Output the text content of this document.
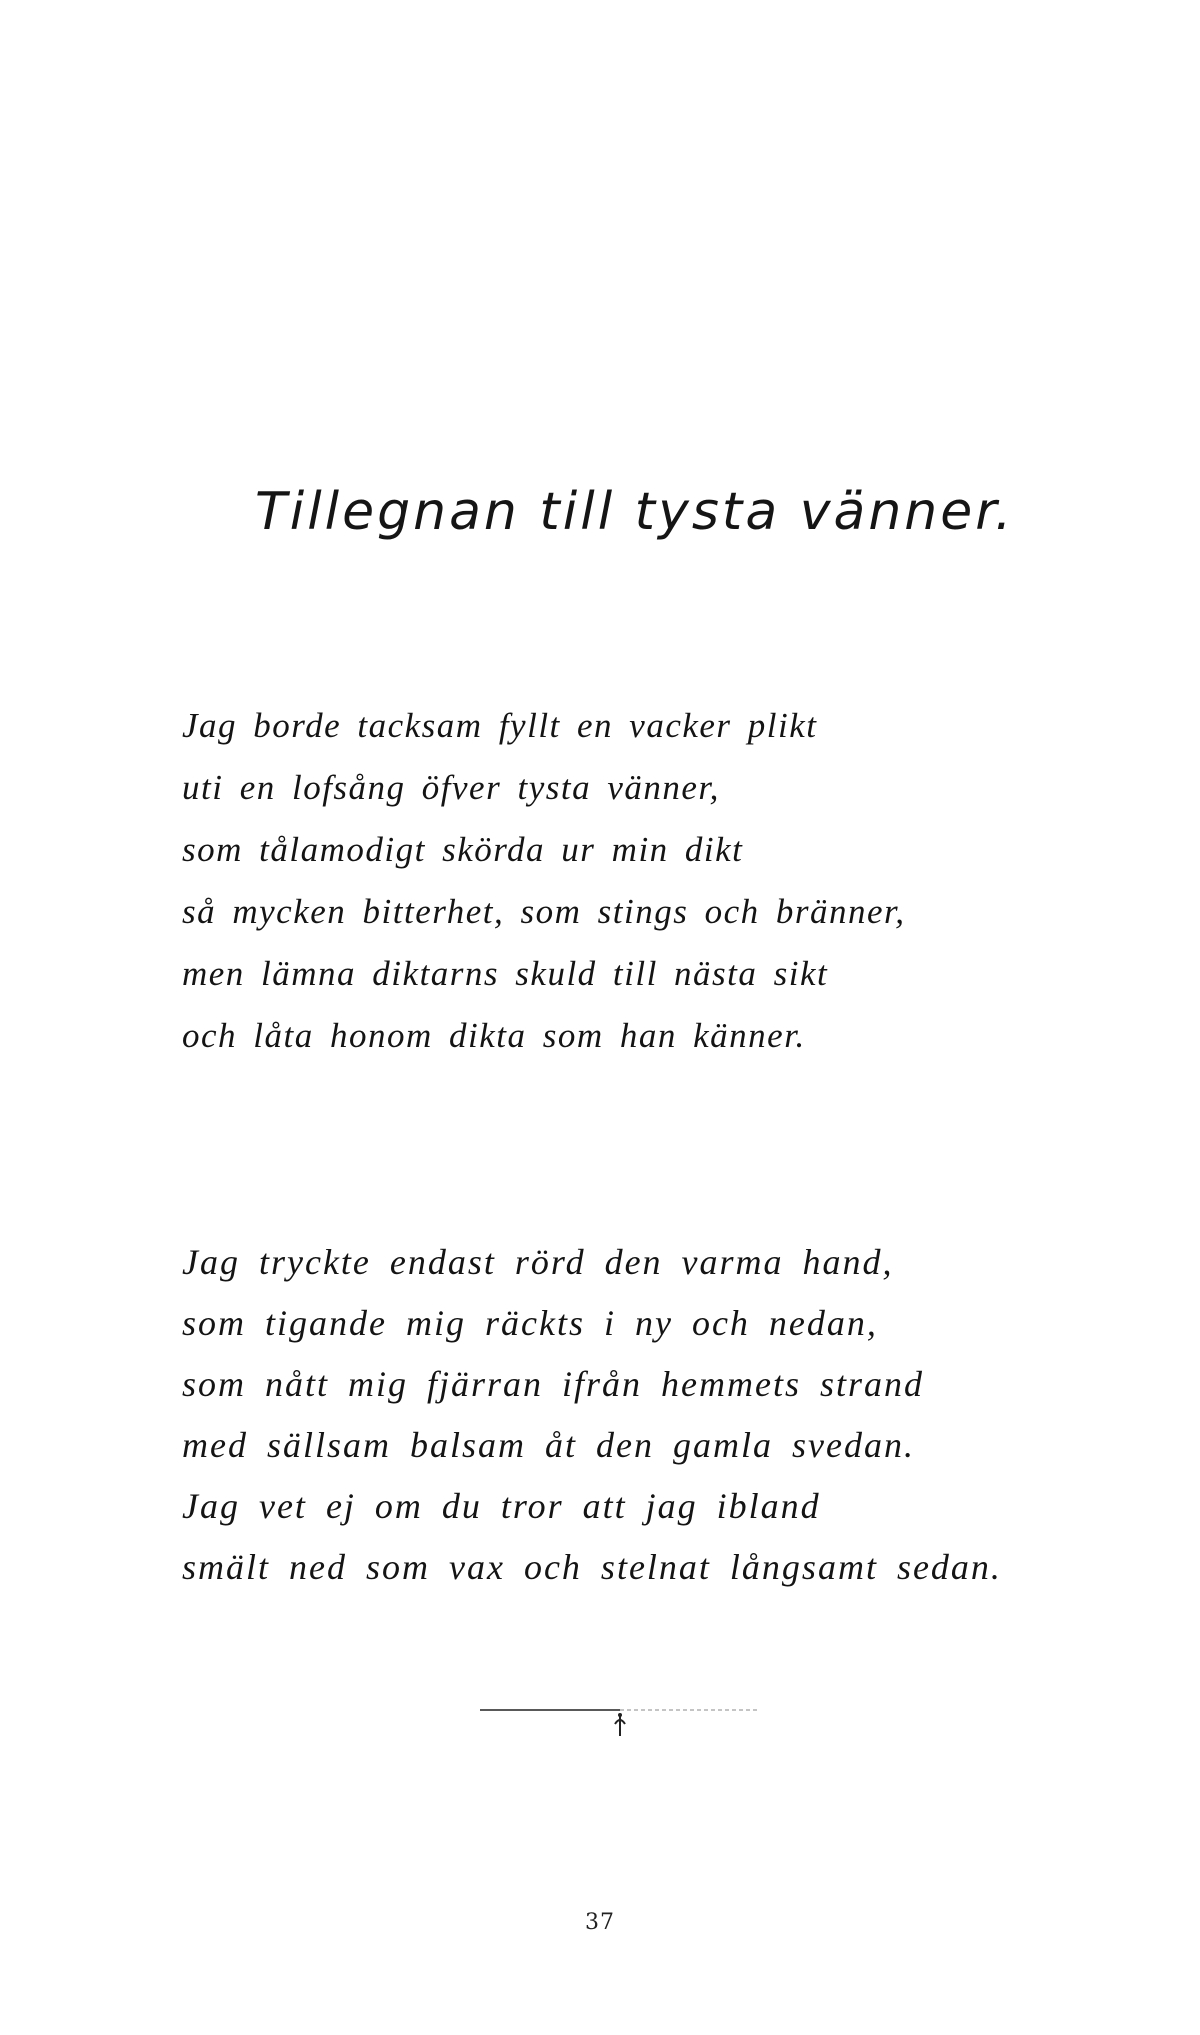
Tillegnan till tysta vänner.
Jag borde tacksam fyllt en vacker plikt
uti en lofsång öfver tysta vänner,
som tålamodigt skörda ur min dikt
så mycken bitterhet, som stings och bränner,
men lämna diktarns skuld till nästa sikt
och låta honom dikta som han känner.
Jag tryckte endast rörd den varma hand,
som tigande mig räckts i ny och nedan,
som nått mig fjärran ifrån hemmets strand
med sällsam balsam åt den gamla svedan.
Jag vet ej om du tror att jag ibland
smält ned som vax och stelnat långsamt sedan.
37
